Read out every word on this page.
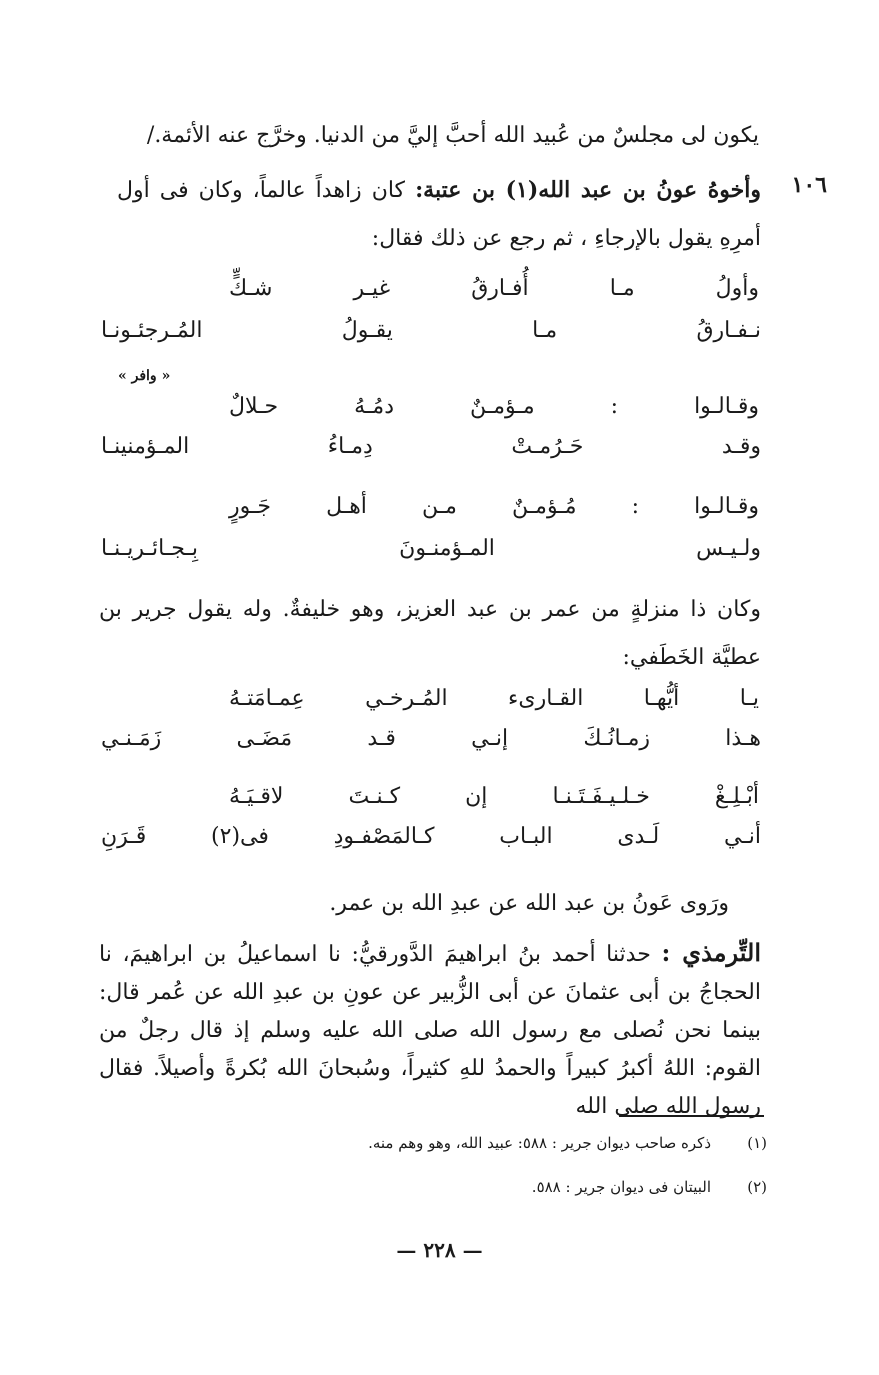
يكون لى مجلسٌ من عُبيد الله أحبَّ إليَّ من الدنيا. وخرَّج عنه الأئمة./
١٠٦
وأخوهُ عونُ بن عبد الله(١) بن عتبة: كان زاهداً عالماً، وكان فى أول أمرِهِ يقول بالإرجاءِ ، ثم رجع عن ذلك فقال:
وأولُ مـا أُفـارقُ غيـر شـكٍّ
نـفـارقُ مـا يقـولُ المُـرجئـونـا
« وافر »
وقـالـوا : مـؤمـنٌ دمُـهُ حـلالٌ
وقـد حَـرُمـتْ دِمـاءُ المـؤمنينـا
وقـالـوا : مُـؤمـنٌ مـن أهـل جَـورٍ
ولـيـس المـؤمنـونَ بِـجـائـريـنـا
وكان ذا منزلةٍ من عمر بن عبد العزيز، وهو خليفةٌ. وله يقول جرير بن عطيَّة الخَطَفي:
يـا أيُّهـا القـارىء المُـرخـي عِمـامَتـهُ
هـذا زمـانُـكَ إنـي قـد مَضَـى زَمَـنـي
أبْـلِـغْ خـلـيـفَـتَـنـا إن كـنـتَ لاقـيَـهُ
أنـي لَـدى البـاب كـالمَصْفـودِ فى(٢) قَـرَنِ
ورَوى عَونُ بن عبد الله عن عبدِ الله بن عمر.
التِّرمذي : حدثنا أحمد بنُ ابراهيمَ الدَّورقيُّ: نا اسماعيلُ بن ابراهيمَ، نا الحجاجُ بن أبى عثمانَ عن أبى الزُّبير عن عونِ بن عبدِ الله عن عُمر قال: بينما نحن نُصلى مع رسول الله صلى الله عليه وسلم إذ قال رجلٌ من القوم: اللهُ أكبرُ كبيراً والحمدُ للهِ كثيراً، وسُبحانَ الله بُكرةً وأصيلاً. فقال رسول الله صلى الله
(١)ذكره صاحب ديوان جرير : ٥٨٨: عبيد الله، وهو وهم منه.
(٢)البيتان فى ديوان جرير : ٥٨٨.
— ٢٢٨ —
